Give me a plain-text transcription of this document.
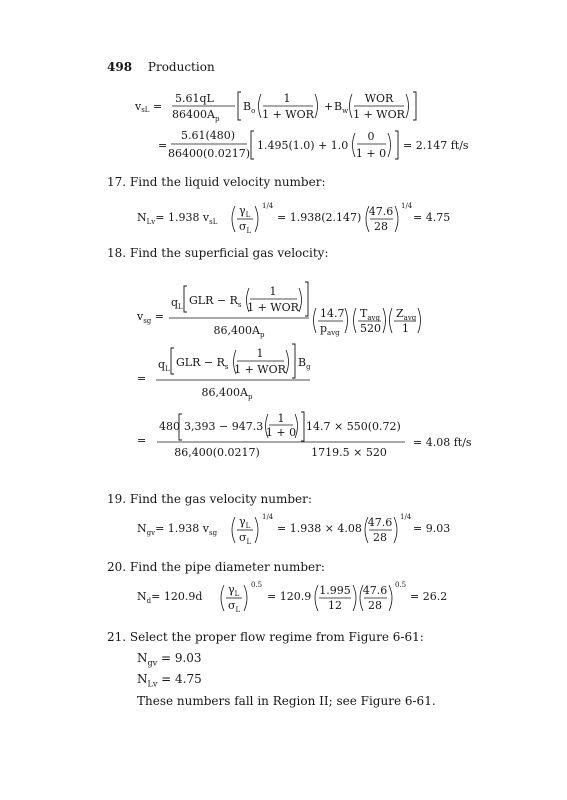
498 Production
vsL =
5.61qL
$86400A_p$
$B_o$
1
1 + WOR
+ $B_w$
WOR
1 + WOR
=
5.61(480)
86400(0.0217)
1.495(1.0) + 1.0
0
1 + 0
= 2.147 ft/s
17. Find the liquid velocity number:
$N_{Lv}= 1.938$ $v_{sL}$
$\gamma_L$
$\sigma_L$
1/4
= 1.938(2.147) 47.6
28
1/4
= 4.75
18. Find the superficial gas velocity:
$v_{sg}$ =
$q_L$ GLR − $R_s$
1
1 + WOR
$86,400A_p$
14.7
$p_{avg}$
$T_{avg}$
520
$Z_{avg}$
1
=
$q_L$ GLR − $R_s$
1
1 + WOR
$B_g$
$86,400A_p$
=
480 3,393 − 947.3
1
1 + 0 14.7 × 550(0.72)
86,400(0.0217)	1719.5 × 520
= 4.08 ft/s
19. Find the gas velocity number:
$N_{gv}= 1.938$ $v_{sg}$
$\gamma_L$
$\sigma_L$
1/4
= 1.938 × 4.08 47.6
28
1/4
= 9.03
20. Find the pipe diameter number:
$N_d= 120.9d$
$\gamma_L$
$\sigma_L$
0.5
= 120.9 1.995
12
47.6
28
0.5
= 26.2
21. Select the proper flow regime from Figure 6-61:
$N_{gv} = 9.03$
$N_{Lv} = 4.75$
These numbers fall in Region II; see Figure 6-61.
